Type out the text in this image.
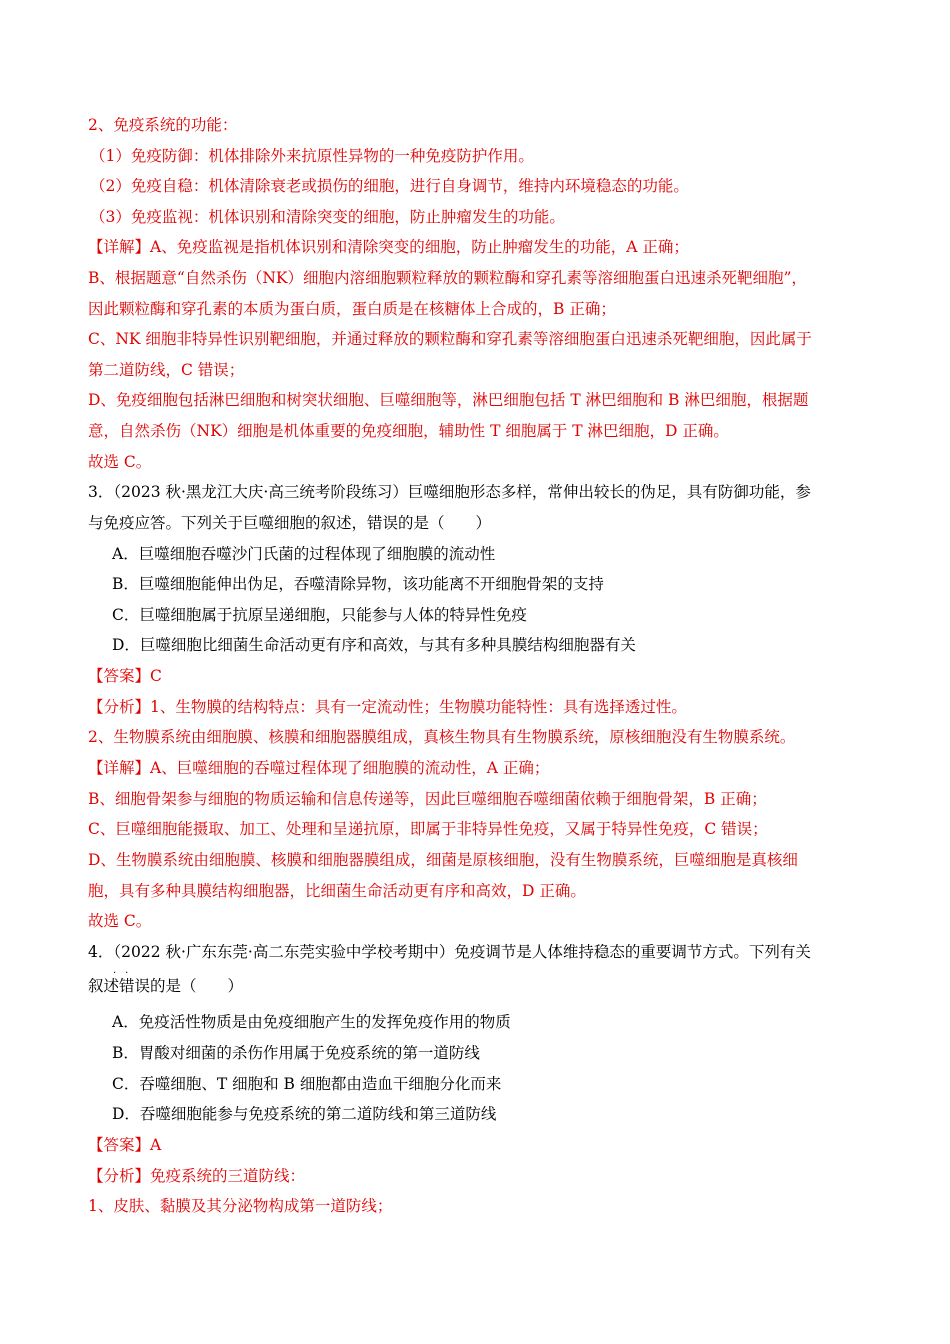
2、免疫系统的功能：
（1）免疫防御：机体排除外来抗原性异物的一种免疫防护作用。
（2）免疫自稳：机体清除衰老或损伤的细胞，进行自身调节，维持内环境稳态的功能。
（3）免疫监视：机体识别和清除突变的细胞，防止肿瘤发生的功能。
【详解】A、免疫监视是指机体识别和清除突变的细胞，防止肿瘤发生的功能，A 正确；
B、根据题意“自然杀伤（NK）细胞内溶细胞颗粒释放的颗粒酶和穿孔素等溶细胞蛋白迅速杀死靶细胞”，
因此颗粒酶和穿孔素的本质为蛋白质，蛋白质是在核糖体上合成的，B 正确；
C、NK 细胞非特异性识别靶细胞，并通过释放的颗粒酶和穿孔素等溶细胞蛋白迅速杀死靶细胞，因此属于
第二道防线，C 错误；
D、免疫细胞包括淋巴细胞和树突状细胞、巨噬细胞等，淋巴细胞包括 T 淋巴细胞和 B 淋巴细胞，根据题
意，自然杀伤（NK）细胞是机体重要的免疫细胞，辅助性 T 细胞属于 T 淋巴细胞，D 正确。
故选 C。
3．（2023 秋·黑龙江大庆·高三统考阶段练习）巨噬细胞形态多样，常伸出较长的伪足，具有防御功能，参
与免疫应答。下列关于巨噬细胞的叙述，错误的是（　　）
A．巨噬细胞吞噬沙门氏菌的过程体现了细胞膜的流动性
B．巨噬细胞能伸出伪足，吞噬清除异物，该功能离不开细胞骨架的支持
C．巨噬细胞属于抗原呈递细胞，只能参与人体的特异性免疫
D．巨噬细胞比细菌生命活动更有序和高效，与其有多种具膜结构细胞器有关
【答案】C
【分析】1、生物膜的结构特点：具有一定流动性；生物膜功能特性：具有选择透过性。
2、生物膜系统由细胞膜、核膜和细胞器膜组成，真核生物具有生物膜系统，原核细胞没有生物膜系统。
【详解】A、巨噬细胞的吞噬过程体现了细胞膜的流动性，A 正确；
B、细胞骨架参与细胞的物质运输和信息传递等，因此巨噬细胞吞噬细菌依赖于细胞骨架，B 正确；
C、巨噬细胞能摄取、加工、处理和呈递抗原，即属于非特异性免疫，又属于特异性免疫，C 错误；
D、生物膜系统由细胞膜、核膜和细胞器膜组成，细菌是原核细胞，没有生物膜系统，巨噬细胞是真核细
胞，具有多种具膜结构细胞器，比细菌生命活动更有序和高效，D 正确。
故选 C。
4．（2022 秋·广东东莞·高二东莞实验中学校考期中）免疫调节是人体维持稳态的重要调节方式。下列有关
··
叙述错误的是（　　）
A．免疫活性物质是由免疫细胞产生的发挥免疫作用的物质
B．胃酸对细菌的杀伤作用属于免疫系统的第一道防线
C．吞噬细胞、T 细胞和 B 细胞都由造血干细胞分化而来
D．吞噬细胞能参与免疫系统的第二道防线和第三道防线
【答案】A
【分析】免疫系统的三道防线：
1、皮肤、黏膜及其分泌物构成第一道防线；
